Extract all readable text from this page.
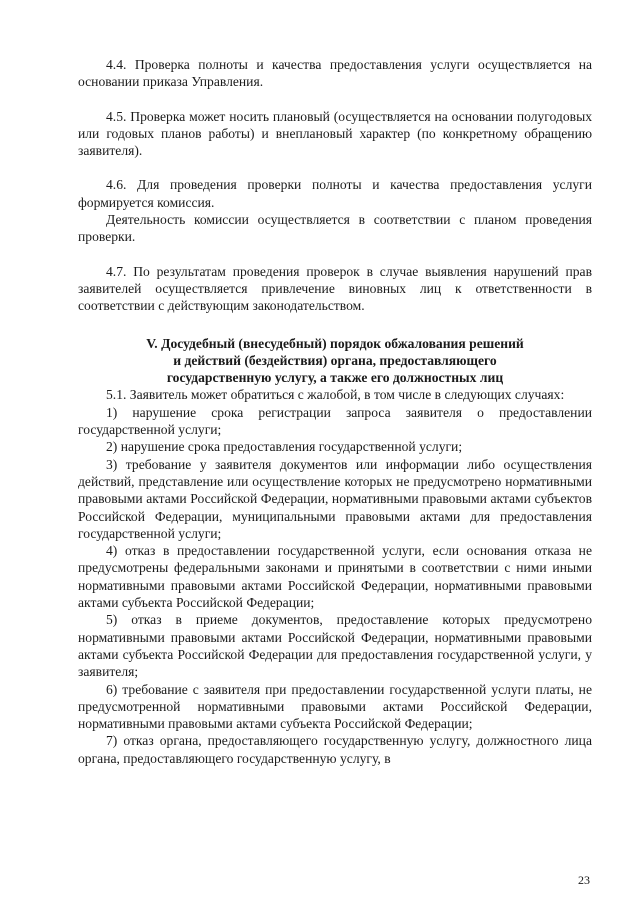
4.4. Проверка полноты и качества предоставления услуги осуществляется на основании приказа Управления.

4.5. Проверка может носить плановый (осуществляется на основании полугодовых или годовых планов работы) и внеплановый характер (по конкретному обращению заявителя).

4.6. Для проведения проверки полноты и качества предоставления услуги формируется комиссия.

Деятельность комиссии осуществляется в соответствии с планом проведения проверки.

4.7. По результатам проведения проверок в случае выявления нарушений прав заявителей осуществляется привлечение виновных лиц к ответственности в соответствии с действующим законодательством.

V. Досудебный (внесудебный) порядок обжалования решений
и действий (бездействия) органа, предоставляющего
государственную услугу, а также его должностных лиц

5.1. Заявитель может обратиться с жалобой, в том числе в следующих случаях:

1) нарушение срока регистрации запроса заявителя о предоставлении государственной услуги;

2) нарушение срока предоставления государственной услуги;

3) требование у заявителя документов или информации либо осуществления действий, представление или осуществление которых не предусмотрено нормативными правовыми актами Российской Федерации, нормативными правовыми актами субъектов Российской Федерации, муниципальными правовыми актами для предоставления государственной услуги;

4) отказ в предоставлении государственной услуги, если основания отказа не предусмотрены федеральными законами и принятыми в соответствии с ними иными нормативными правовыми актами Российской Федерации, нормативными правовыми актами субъекта Российской Федерации;

5) отказ в приеме документов, предоставление которых предусмотрено нормативными правовыми актами Российской Федерации, нормативными правовыми актами субъекта Российской Федерации для предоставления государственной услуги, у заявителя;

6) требование с заявителя при предоставлении государственной услуги платы, не предусмотренной нормативными правовыми актами Российской Федерации, нормативными правовыми актами субъекта Российской Федерации;

7) отказ органа, предоставляющего государственную услугу, должностного лица органа, предоставляющего государственную услугу, в

23
